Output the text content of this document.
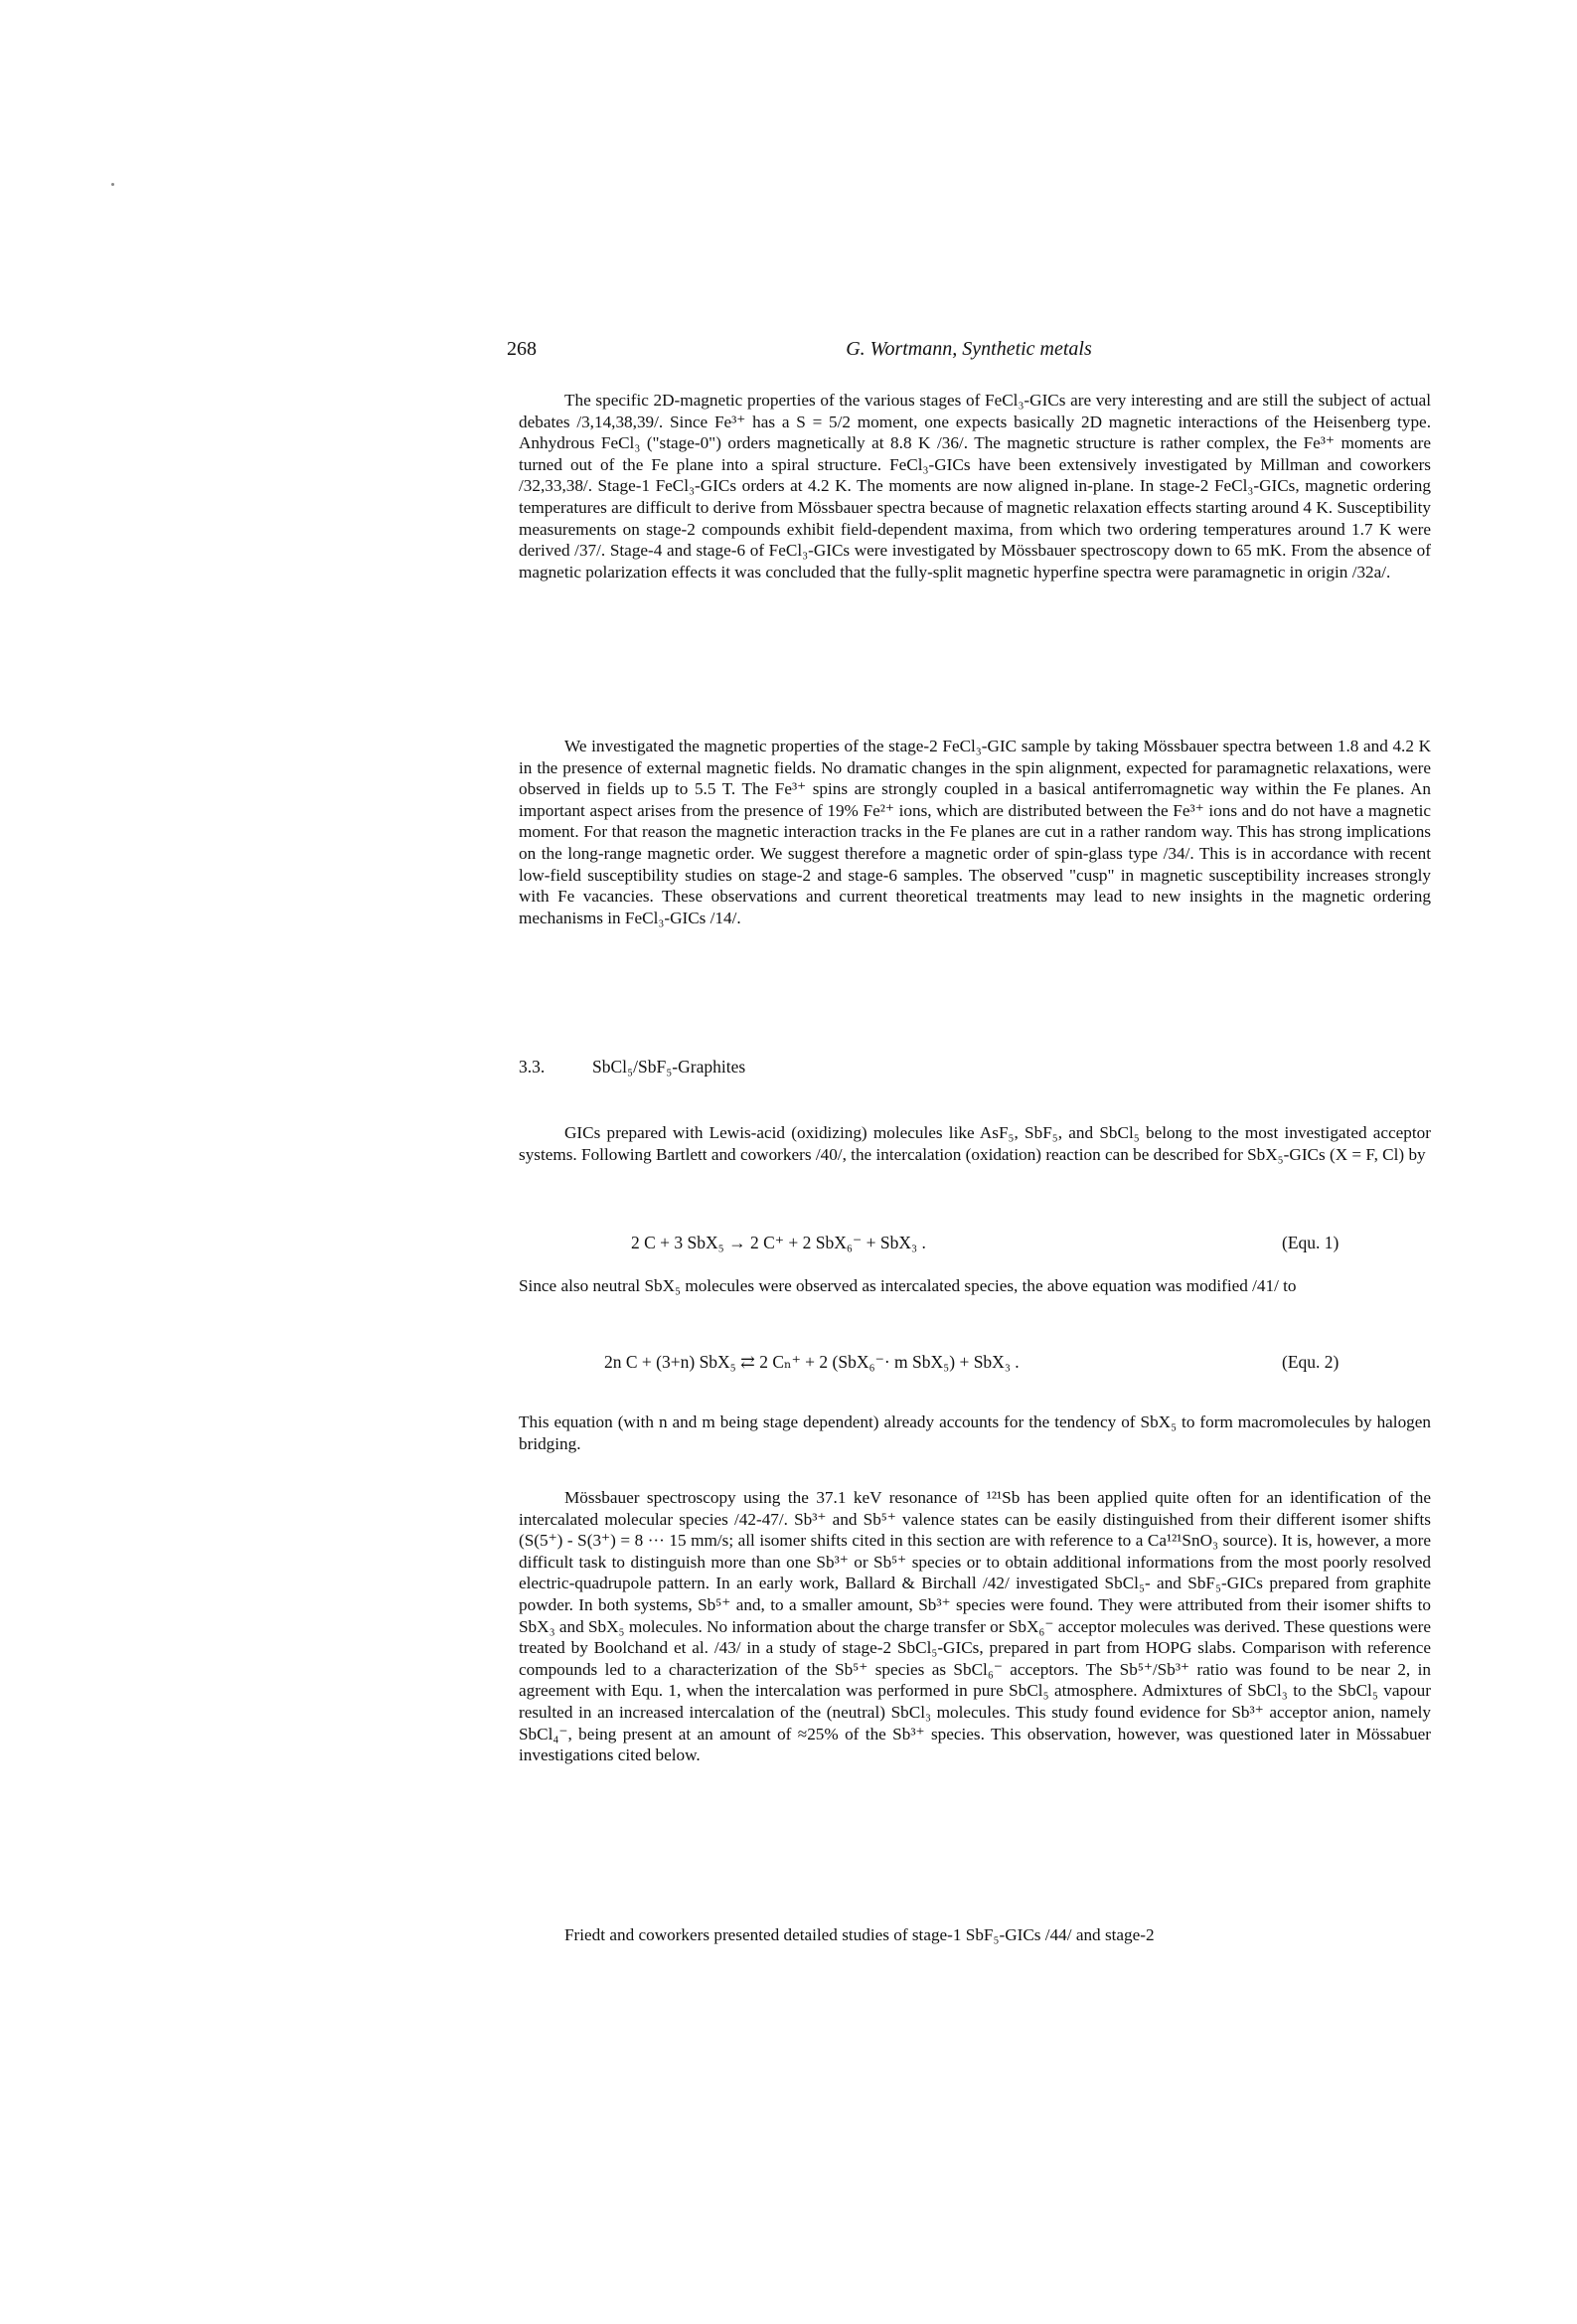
268	G. Wortmann, Synthetic metals

The specific 2D-magnetic properties of the various stages of FeCl₃-GICs are very interesting and are still the subject of actual debates /3,14,38,39/. Since Fe³⁺ has a S = 5/2 moment, one expects basically 2D magnetic interactions of the Heisenberg type. Anhydrous FeCl₃ ("stage-0") orders magnetically at 8.8 K /36/. The magnetic structure is rather complex, the Fe³⁺ moments are turned out of the Fe plane into a spiral structure. FeCl₃-GICs have been extensively investigated by Millman and coworkers /32,33,38/. Stage-1 FeCl₃-GICs orders at 4.2 K. The moments are now aligned in-plane. In stage-2 FeCl₃-GICs, magnetic ordering temperatures are difficult to derive from Mössbauer spectra because of magnetic relaxation effects starting around 4 K. Susceptibility measurements on stage-2 compounds exhibit field-dependent maxima, from which two ordering temperatures around 1.7 K were derived /37/. Stage-4 and stage-6 of FeCl₃-GICs were investigated by Mössbauer spectroscopy down to 65 mK. From the absence of magnetic polarization effects it was concluded that the fully-split magnetic hyperfine spectra were paramagnetic in origin /32a/.

We investigated the magnetic properties of the stage-2 FeCl₃-GIC sample by taking Mössbauer spectra between 1.8 and 4.2 K in the presence of external magnetic fields. No dramatic changes in the spin alignment, expected for paramagnetic relaxations, were observed in fields up to 5.5 T. The Fe³⁺ spins are strongly coupled in a basical antiferromagnetic way within the Fe planes. An important aspect arises from the presence of 19% Fe²⁺ ions, which are distributed between the Fe³⁺ ions and do not have a magnetic moment. For that reason the magnetic interaction tracks in the Fe planes are cut in a rather random way. This has strong implications on the long-range magnetic order. We suggest therefore a magnetic order of spin-glass type /34/. This is in accordance with recent low-field susceptibility studies on stage-2 and stage-6 samples. The observed "cusp" in magnetic susceptibility increases strongly with Fe vacancies. These observations and current theoretical treatments may lead to new insights in the magnetic ordering mechanisms in FeCl₃-GICs /14/.

3.3.	SbCl₅/SbF₅-Graphites

GICs prepared with Lewis-acid (oxidizing) molecules like AsF₅, SbF₅, and SbCl₅ belong to the most investigated acceptor systems. Following Bartlett and coworkers /40/, the intercalation (oxidation) reaction can be described for SbX₅-GICs (X = F, Cl) by

2 C + 3 SbX₅ → 2 C⁺ + 2 SbX₆⁻ + SbX₃ .	(Equ. 1)

Since also neutral SbX₅ molecules were observed as intercalated species, the above equation was modified /41/ to

2n C + (3+n) SbX₅ ⇄ 2 Cₙ⁺ + 2 (SbX₆⁻· m SbX₅) + SbX₃ .	(Equ. 2)

This equation (with n and m being stage dependent) already accounts for the tendency of SbX₅ to form macromolecules by halogen bridging.

Mössbauer spectroscopy using the 37.1 keV resonance of ¹²¹Sb has been applied quite often for an identification of the intercalated molecular species /42-47/. Sb³⁺ and Sb⁵⁺ valence states can be easily distinguished from their different isomer shifts (S(5⁺) - S(3⁺) = 8 ··· 15 mm/s; all isomer shifts cited in this section are with reference to a Ca¹²¹SnO₃ source). It is, however, a more difficult task to distinguish more than one Sb³⁺ or Sb⁵⁺ species or to obtain additional informations from the most poorly resolved electric-quadrupole pattern. In an early work, Ballard & Birchall /42/ investigated SbCl₅- and SbF₅-GICs prepared from graphite powder. In both systems, Sb⁵⁺ and, to a smaller amount, Sb³⁺ species were found. They were attributed from their isomer shifts to SbX₃ and SbX₅ molecules. No information about the charge transfer or SbX₆⁻ acceptor molecules was derived. These questions were treated by Boolchand et al. /43/ in a study of stage-2 SbCl₅-GICs, prepared in part from HOPG slabs. Comparison with reference compounds led to a characterization of the Sb⁵⁺ species as SbCl₆⁻ acceptors. The Sb⁵⁺/Sb³⁺ ratio was found to be near 2, in agreement with Equ. 1, when the intercalation was performed in pure SbCl₅ atmosphere. Admixtures of SbCl₃ to the SbCl₅ vapour resulted in an increased intercalation of the (neutral) SbCl₃ molecules. This study found evidence for Sb³⁺ acceptor anion, namely SbCl₄⁻, being present at an amount of ≈25% of the Sb³⁺ species. This observation, however, was questioned later in Mössabuer investigations cited below.

Friedt and coworkers presented detailed studies of stage-1 SbF₅-GICs /44/ and stage-2
